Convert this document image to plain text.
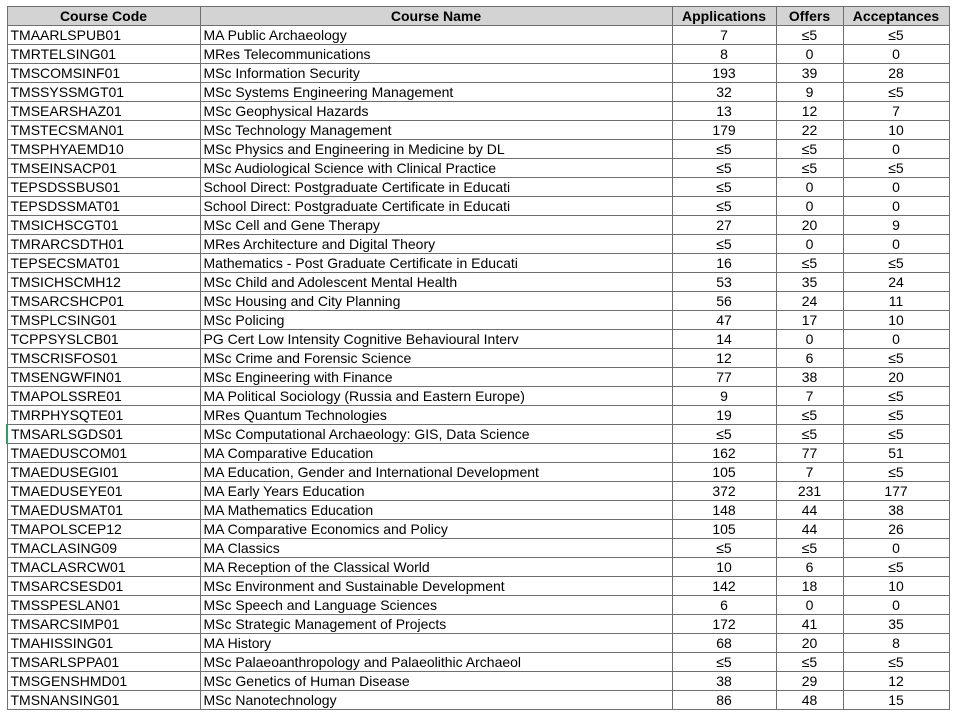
Course Code	Course Name	Applications	Offers	Acceptances
TMAARLSPUB01	MA Public Archaeology	7	≤5	≤5
TMRTELSING01	MRes Telecommunications	8	0	0
TMSCOMSINF01	MSc Information Security	193	39	28
TMSSYSSMGT01	MSc Systems Engineering Management	32	9	≤5
TMSEARSHAZ01	MSc Geophysical Hazards	13	12	7
TMSTECSMAN01	MSc Technology Management	179	22	10
TMSPHYAEMD10	MSc Physics and Engineering in Medicine by DL	≤5	≤5	0
TMSEINSACP01	MSc Audiological Science with Clinical Practice	≤5	≤5	≤5
TEPSDSSBUS01	School Direct: Postgraduate Certificate in Educati	≤5	0	0
TEPSDSSMAT01	School Direct: Postgraduate Certificate in Educati	≤5	0	0
TMSICHSCGT01	MSc Cell and Gene Therapy	27	20	9
TMRARCSDTH01	MRes Architecture and Digital Theory	≤5	0	0
TEPSECSMAT01	Mathematics - Post Graduate Certificate in Educati	16	≤5	≤5
TMSICHSCMH12	MSc Child and Adolescent Mental Health	53	35	24
TMSARCSHCP01	MSc Housing and City Planning	56	24	11
TMSPLCSING01	MSc Policing	47	17	10
TCPPSYSLCB01	PG Cert Low Intensity Cognitive Behavioural Interv	14	0	0
TMSCRISFOS01	MSc Crime and Forensic Science	12	6	≤5
TMSENGWFIN01	MSc Engineering with Finance	77	38	20
TMAPOLSSRE01	MA Political Sociology (Russia and Eastern Europe)	9	7	≤5
TMRPHYSQTE01	MRes Quantum Technologies	19	≤5	≤5
TMSARLSGDS01	MSc Computational Archaeology: GIS, Data Science	≤5	≤5	≤5
TMAEDUSCOM01	MA Comparative Education	162	77	51
TMAEDUSEGI01	MA Education, Gender and International Development	105	7	≤5
TMAEDUSEYE01	MA Early Years Education	372	231	177
TMAEDUSMAT01	MA Mathematics Education	148	44	38
TMAPOLSCEP12	MA Comparative Economics and Policy	105	44	26
TMACLASING09	MA Classics	≤5	≤5	0
TMACLASRCW01	MA Reception of the Classical World	10	6	≤5
TMSARCSESD01	MSc Environment and Sustainable Development	142	18	10
TMSSPESLAN01	MSc Speech and Language Sciences	6	0	0
TMSARCSIMP01	MSc Strategic Management of Projects	172	41	35
TMAHISSING01	MA History	68	20	8
TMSARLSPPA01	MSc Palaeoanthropology and Palaeolithic Archaeol	≤5	≤5	≤5
TMSGENSHMD01	MSc Genetics of Human Disease	38	29	12
TMSNANSING01	MSc Nanotechnology	86	48	15
